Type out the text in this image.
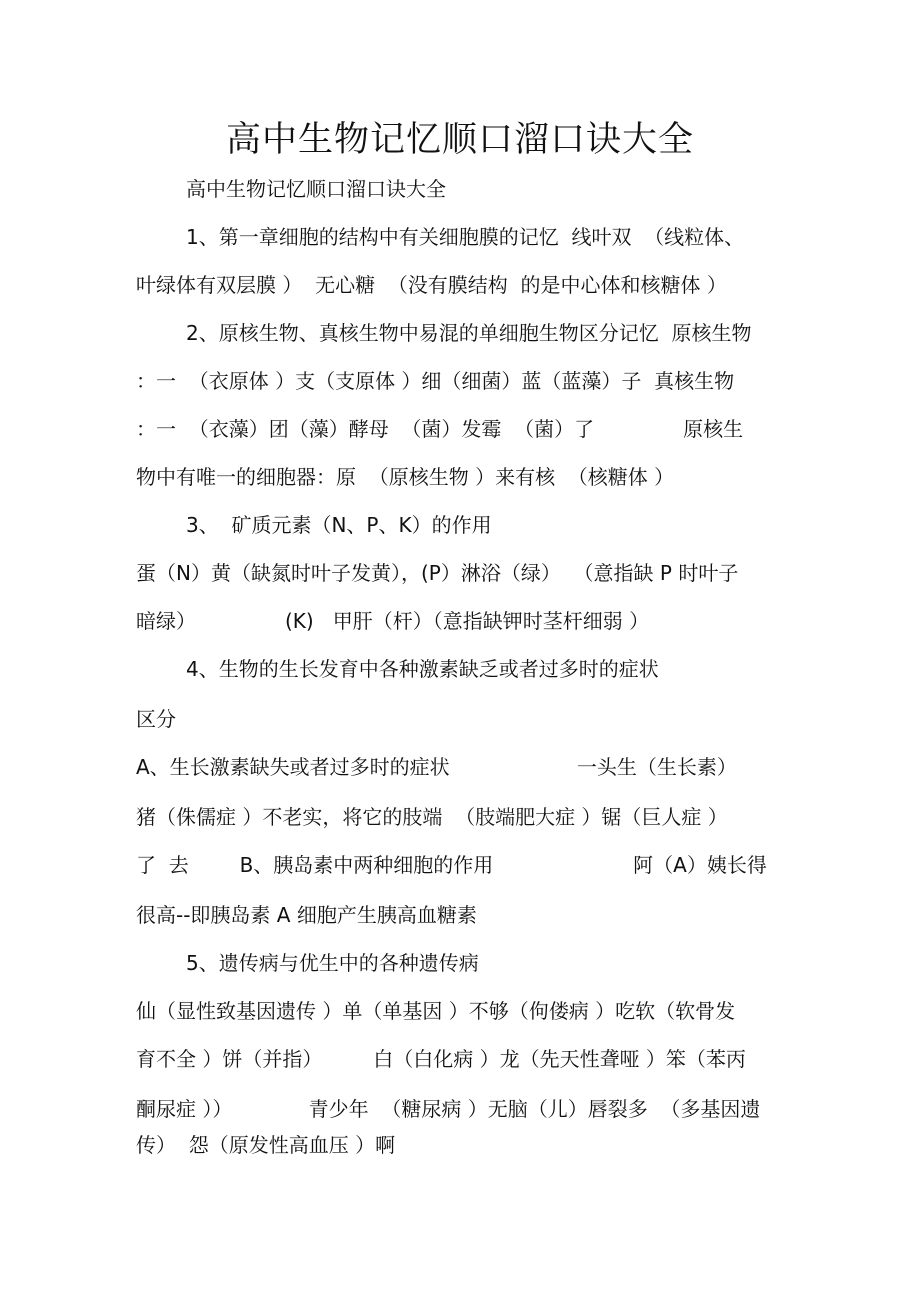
高中生物记忆顺口溜口诀大全
高中生物记忆顺口溜口诀大全
1、第一章细胞的结构中有关细胞膜的记忆  线叶双  （线粒体、
叶绿体有双层膜 ）  无心糖  （没有膜结构  的是中心体和核糖体 ）
2、原核生物、真核生物中易混的单细胞生物区分记忆  原核生物
：一  （衣原体 ）支（支原体 ）细（细菌）蓝（蓝藻）子  真核生物
：一  （衣藻）团（藻）酵母  （菌）发霉  （菌）了              原核生
物中有唯一的细胞器：原  （原核生物 ）来有核  （核糖体 ）
3、  矿质元素（N、P、K）的作用
蛋（N）黄（缺氮时叶子发黄），(P）淋浴（绿）  （意指缺 P 时叶子
暗绿）              (K)   甲肝（杆）（意指缺钾时茎杆细弱 ）
4、生物的生长发育中各种激素缺乏或者过多时的症状
区分
A、生长激素缺失或者过多时的症状                    一头生（生长素）
猪（侏儒症 ）不老实，将它的肢端  （肢端肥大症 ）锯（巨人症 ）
了  去        B、胰岛素中两种细胞的作用                      阿（A）姨长得
很高--即胰岛素 A 细胞产生胰高血糖素
5、遗传病与优生中的各种遗传病
仙（显性致基因遗传 ）单（单基因 ）不够（佝偻病 ）吃软（软骨发
育不全 ）饼（并指）        白（白化病 ）龙（先天性聋哑 ）笨（苯丙
酮尿症 ））            青少年  （糖尿病 ）无脑（儿）唇裂多  （多基因遗
传）  怨（原发性高血压 ）啊
